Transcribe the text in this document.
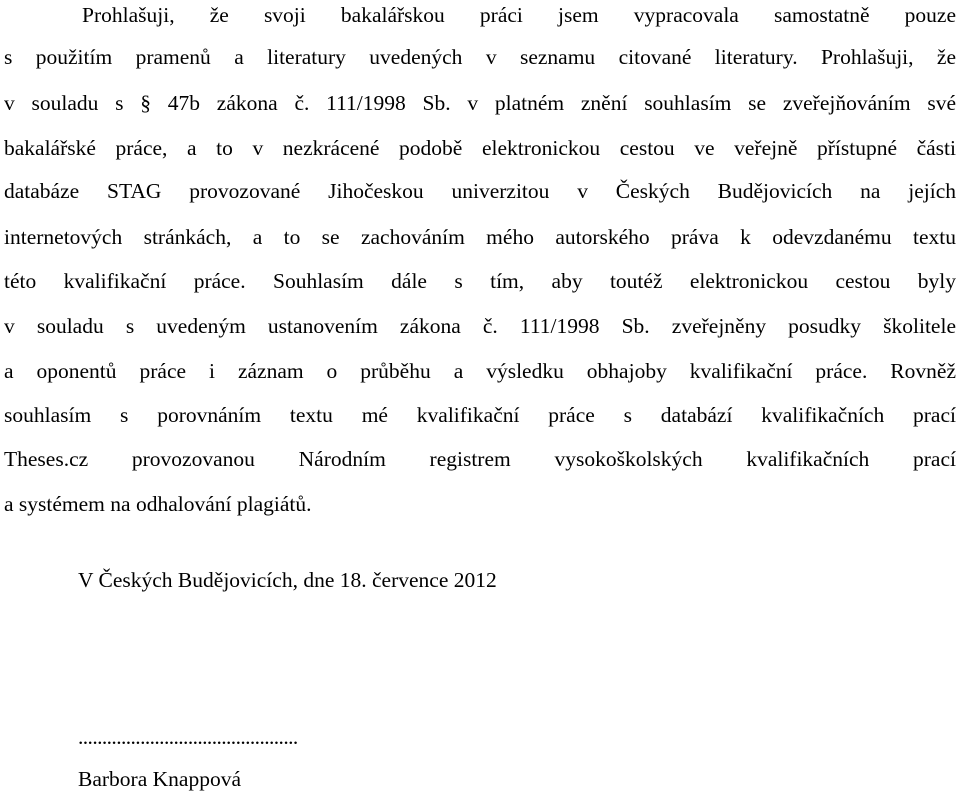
Prohlašuji, že svoji bakalářskou práci jsem vypracovala samostatně pouze
s použitím pramenů a literatury uvedených v seznamu citované literatury. Prohlašuji, že
v souladu s § 47b zákona č. 111/1998 Sb. v platném znění souhlasím se zveřejňováním své
bakalářské práce, a to v nezkrácené podobě elektronickou cestou ve veřejně přístupné části
databáze STAG provozované Jihočeskou univerzitou v Českých Budějovicích na jejích
internetových stránkách, a to se zachováním mého autorského práva k odevzdanému textu
této kvalifikační práce. Souhlasím dále s tím, aby toutéž elektronickou cestou byly
v souladu s uvedeným ustanovením zákona č. 111/1998 Sb. zveřejněny posudky školitele
a oponentů práce i záznam o průběhu a výsledku obhajoby kvalifikační práce. Rovněž
souhlasím s porovnáním textu mé kvalifikační práce s databází kvalifikačních prací
Theses.cz provozovanou Národním registrem vysokoškolských kvalifikačních prací
a systémem na odhalování plagiátů.
V Českých Budějovicích, dne 18. července 2012
..............................................
Barbora Knappová
